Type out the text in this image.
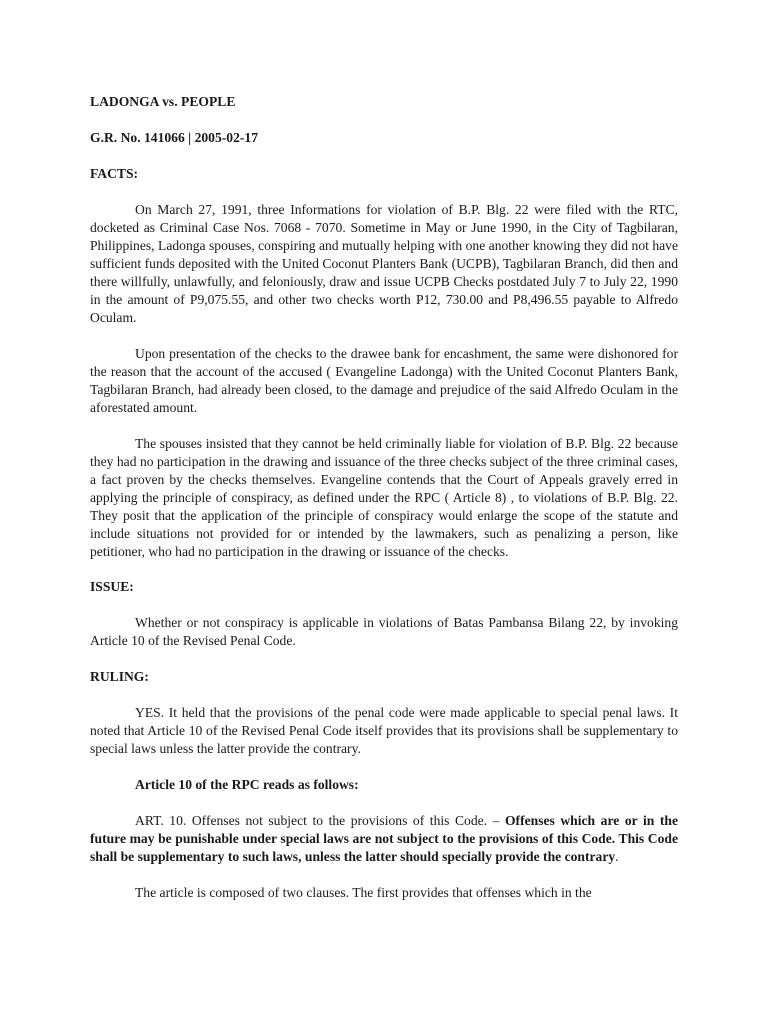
LADONGA vs. PEOPLE
G.R. No. 141066 | 2005-02-17
FACTS:

On March 27, 1991, three Informations for violation of B.P. Blg. 22 were filed with the RTC, docketed as Criminal Case Nos. 7068 - 7070. Sometime in May or June 1990, in the City of Tagbilaran, Philippines, Ladonga spouses, conspiring and mutually helping with one another knowing they did not have sufficient funds deposited with the United Coconut Planters Bank (UCPB), Tagbilaran Branch, did then and there willfully, unlawfully, and feloniously, draw and issue UCPB Checks postdated July 7 to July 22, 1990 in the amount of P9,075.55, and other two checks worth P12, 730.00 and P8,496.55 payable to Alfredo Oculam.

Upon presentation of the checks to the drawee bank for encashment, the same were dishonored for the reason that the account of the accused ( Evangeline Ladonga) with the United Coconut Planters Bank, Tagbilaran Branch, had already been closed, to the damage and prejudice of the said Alfredo Oculam in the aforestated amount.

The spouses insisted that they cannot be held criminally liable for violation of B.P. Blg. 22 because they had no participation in the drawing and issuance of the three checks subject of the three criminal cases, a fact proven by the checks themselves. Evangeline contends that the Court of Appeals gravely erred in applying the principle of conspiracy, as defined under the RPC ( Article 8) , to violations of B.P. Blg. 22. They posit that the application of the principle of conspiracy would enlarge the scope of the statute and include situations not provided for or intended by the lawmakers, such as penalizing a person, like petitioner, who had no participation in the drawing or issuance of the checks.

ISSUE:

Whether or not conspiracy is applicable in violations of Batas Pambansa Bilang 22, by invoking Article 10 of the Revised Penal Code.

RULING:

YES. It held that the provisions of the penal code were made applicable to special penal laws. It noted that Article 10 of the Revised Penal Code itself provides that its provisions shall be supplementary to special laws unless the latter provide the contrary.

Article 10 of the RPC reads as follows:

ART. 10. Offenses not subject to the provisions of this Code. – Offenses which are or in the future may be punishable under special laws are not subject to the provisions of this Code. This Code shall be supplementary to such laws, unless the latter should specially provide the contrary.

The article is composed of two clauses. The first provides that offenses which in the
